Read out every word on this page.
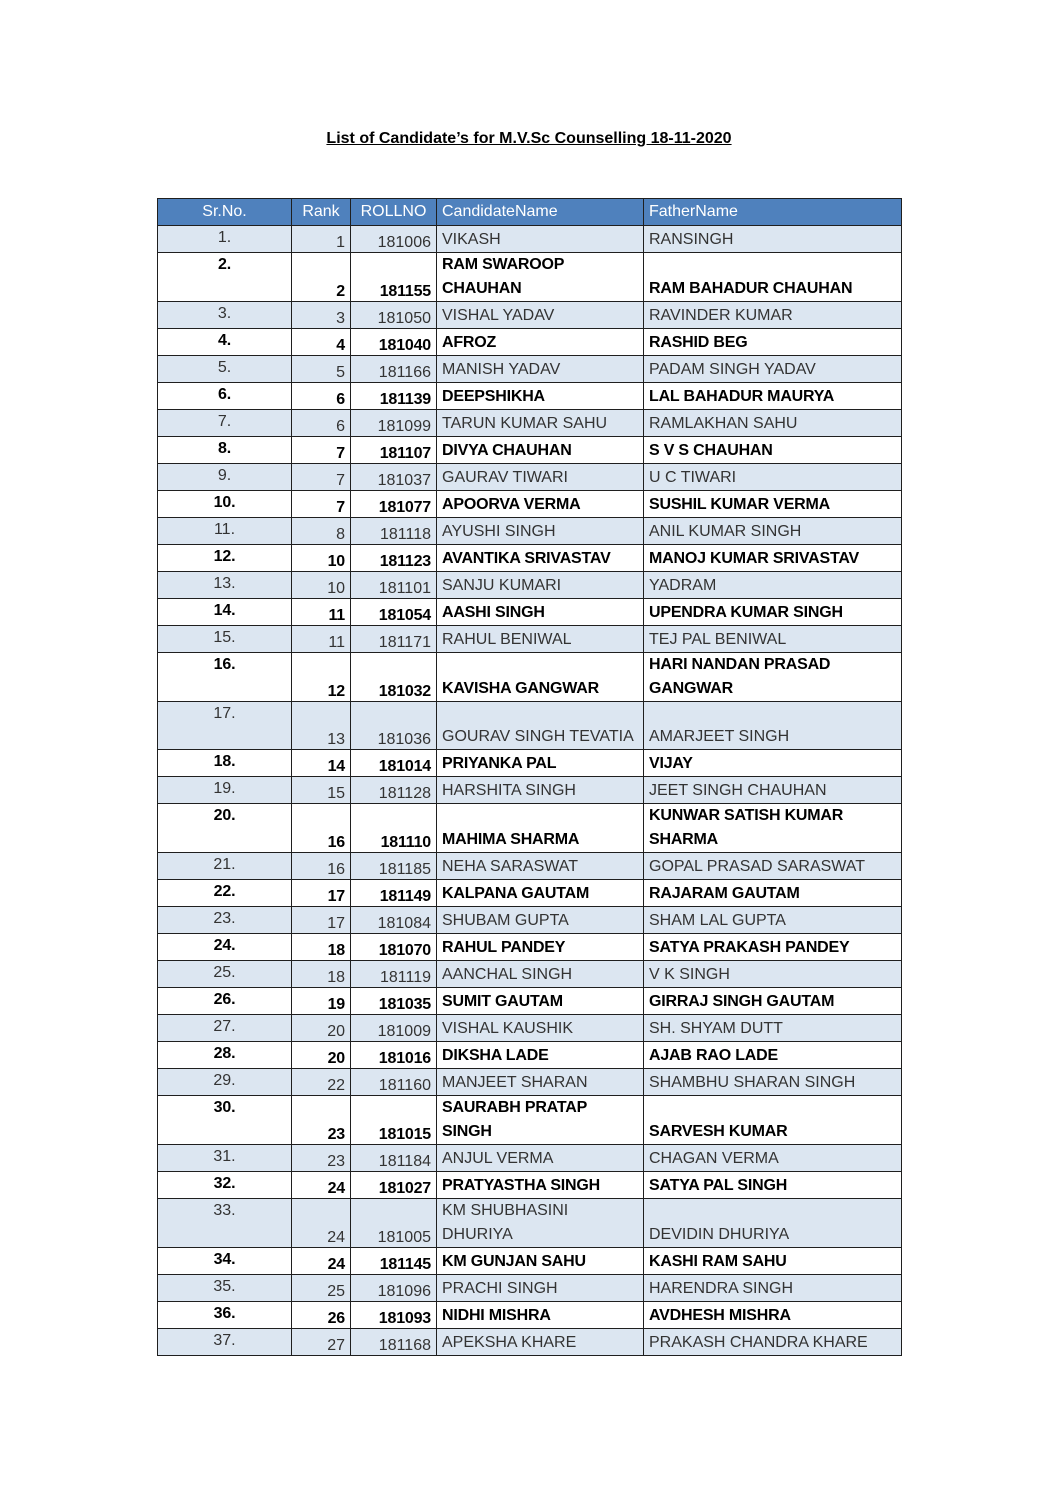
List of Candidate’s for M.V.Sc Counselling 18-11-2020
Sr.No.	Rank	ROLLNO	CandidateName	FatherName
1.	1	181006	VIKASH	RANSINGH
2.	2	181155	RAM SWAROOP CHAUHAN	RAM BAHADUR CHAUHAN
3.	3	181050	VISHAL YADAV	RAVINDER KUMAR
4.	4	181040	AFROZ	RASHID BEG
5.	5	181166	MANISH YADAV	PADAM SINGH YADAV
6.	6	181139	DEEPSHIKHA	LAL BAHADUR MAURYA
7.	6	181099	TARUN KUMAR SAHU	RAMLAKHAN SAHU
8.	7	181107	DIVYA CHAUHAN	S V S CHAUHAN
9.	7	181037	GAURAV TIWARI	U C TIWARI
10.	7	181077	APOORVA VERMA	SUSHIL KUMAR VERMA
11.	8	181118	AYUSHI SINGH	ANIL KUMAR SINGH
12.	10	181123	AVANTIKA SRIVASTAV	MANOJ KUMAR SRIVASTAV
13.	10	181101	SANJU KUMARI	YADRAM
14.	11	181054	AASHI SINGH	UPENDRA KUMAR SINGH
15.	11	181171	RAHUL BENIWAL	TEJ PAL BENIWAL
16.	12	181032	KAVISHA GANGWAR	HARI NANDAN PRASAD GANGWAR
17.	13	181036	GOURAV SINGH TEVATIA	AMARJEET SINGH
18.	14	181014	PRIYANKA PAL	VIJAY
19.	15	181128	HARSHITA SINGH	JEET SINGH CHAUHAN
20.	16	181110	MAHIMA SHARMA	KUNWAR SATISH KUMAR SHARMA
21.	16	181185	NEHA SARASWAT	GOPAL PRASAD SARASWAT
22.	17	181149	KALPANA GAUTAM	RAJARAM GAUTAM
23.	17	181084	SHUBAM GUPTA	SHAM LAL GUPTA
24.	18	181070	RAHUL PANDEY	SATYA PRAKASH PANDEY
25.	18	181119	AANCHAL SINGH	V K SINGH
26.	19	181035	SUMIT GAUTAM	GIRRAJ SINGH GAUTAM
27.	20	181009	VISHAL KAUSHIK	SH. SHYAM DUTT
28.	20	181016	DIKSHA LADE	AJAB RAO LADE
29.	22	181160	MANJEET SHARAN	SHAMBHU SHARAN SINGH
30.	23	181015	SAURABH PRATAP SINGH	SARVESH KUMAR
31.	23	181184	ANJUL VERMA	CHAGAN VERMA
32.	24	181027	PRATYASTHA SINGH	SATYA PAL SINGH
33.	24	181005	KM SHUBHASINI DHURIYA	DEVIDIN DHURIYA
34.	24	181145	KM GUNJAN SAHU	KASHI RAM SAHU
35.	25	181096	PRACHI SINGH	HARENDRA SINGH
36.	26	181093	NIDHI MISHRA	AVDHESH MISHRA
37.	27	181168	APEKSHA KHARE	PRAKASH CHANDRA KHARE
